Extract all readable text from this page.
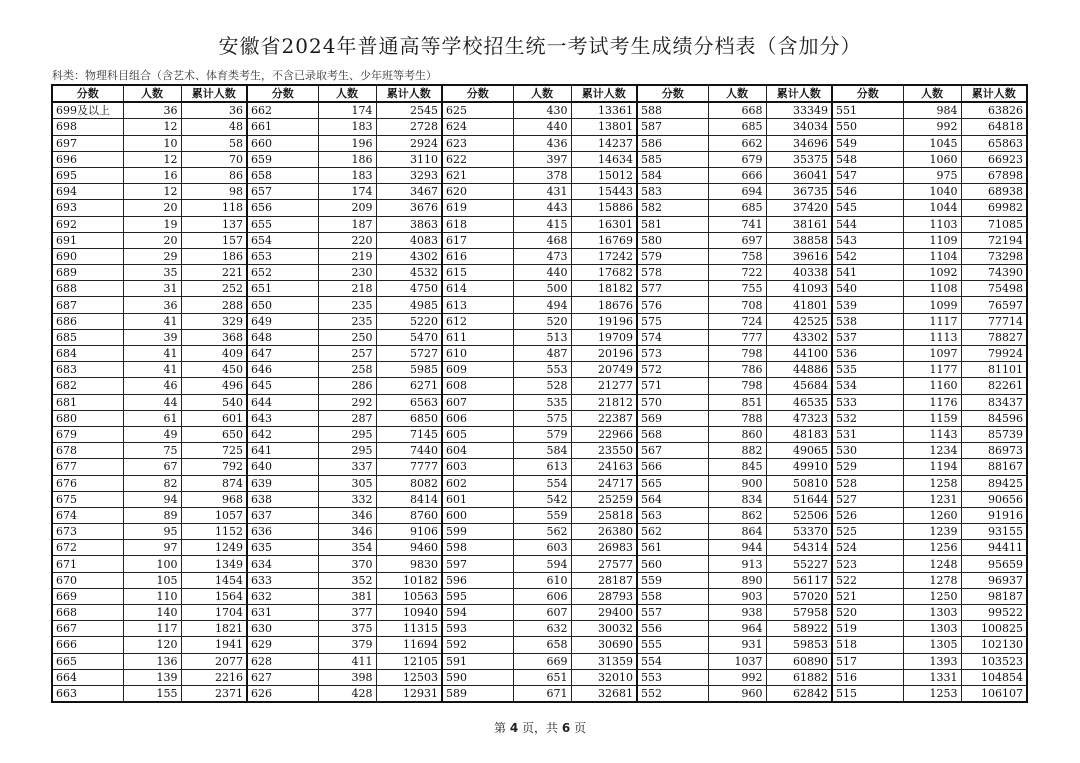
安徽省2024年普通高等学校招生统一考试考生成绩分档表（含加分）
科类：物理科目组合（含艺术、体育类考生，不含已录取考生、少年班等考生）
分数	人数	累计人数	分数	人数	累计人数	分数	人数	累计人数	分数	人数	累计人数	分数	人数	累计人数
699及以上	36	36	662	174	2545	625	430	13361	588	668	33349	551	984	63826
698	12	48	661	183	2728	624	440	13801	587	685	34034	550	992	64818
697	10	58	660	196	2924	623	436	14237	586	662	34696	549	1045	65863
696	12	70	659	186	3110	622	397	14634	585	679	35375	548	1060	66923
695	16	86	658	183	3293	621	378	15012	584	666	36041	547	975	67898
694	12	98	657	174	3467	620	431	15443	583	694	36735	546	1040	68938
693	20	118	656	209	3676	619	443	15886	582	685	37420	545	1044	69982
692	19	137	655	187	3863	618	415	16301	581	741	38161	544	1103	71085
691	20	157	654	220	4083	617	468	16769	580	697	38858	543	1109	72194
690	29	186	653	219	4302	616	473	17242	579	758	39616	542	1104	73298
689	35	221	652	230	4532	615	440	17682	578	722	40338	541	1092	74390
688	31	252	651	218	4750	614	500	18182	577	755	41093	540	1108	75498
687	36	288	650	235	4985	613	494	18676	576	708	41801	539	1099	76597
686	41	329	649	235	5220	612	520	19196	575	724	42525	538	1117	77714
685	39	368	648	250	5470	611	513	19709	574	777	43302	537	1113	78827
684	41	409	647	257	5727	610	487	20196	573	798	44100	536	1097	79924
683	41	450	646	258	5985	609	553	20749	572	786	44886	535	1177	81101
682	46	496	645	286	6271	608	528	21277	571	798	45684	534	1160	82261
681	44	540	644	292	6563	607	535	21812	570	851	46535	533	1176	83437
680	61	601	643	287	6850	606	575	22387	569	788	47323	532	1159	84596
679	49	650	642	295	7145	605	579	22966	568	860	48183	531	1143	85739
678	75	725	641	295	7440	604	584	23550	567	882	49065	530	1234	86973
677	67	792	640	337	7777	603	613	24163	566	845	49910	529	1194	88167
676	82	874	639	305	8082	602	554	24717	565	900	50810	528	1258	89425
675	94	968	638	332	8414	601	542	25259	564	834	51644	527	1231	90656
674	89	1057	637	346	8760	600	559	25818	563	862	52506	526	1260	91916
673	95	1152	636	346	9106	599	562	26380	562	864	53370	525	1239	93155
672	97	1249	635	354	9460	598	603	26983	561	944	54314	524	1256	94411
671	100	1349	634	370	9830	597	594	27577	560	913	55227	523	1248	95659
670	105	1454	633	352	10182	596	610	28187	559	890	56117	522	1278	96937
669	110	1564	632	381	10563	595	606	28793	558	903	57020	521	1250	98187
668	140	1704	631	377	10940	594	607	29400	557	938	57958	520	1303	99522
667	117	1821	630	375	11315	593	632	30032	556	964	58922	519	1303	100825
666	120	1941	629	379	11694	592	658	30690	555	931	59853	518	1305	102130
665	136	2077	628	411	12105	591	669	31359	554	1037	60890	517	1393	103523
664	139	2216	627	398	12503	590	651	32010	553	992	61882	516	1331	104854
663	155	2371	626	428	12931	589	671	32681	552	960	62842	515	1253	106107
第 4 页，共 6 页
